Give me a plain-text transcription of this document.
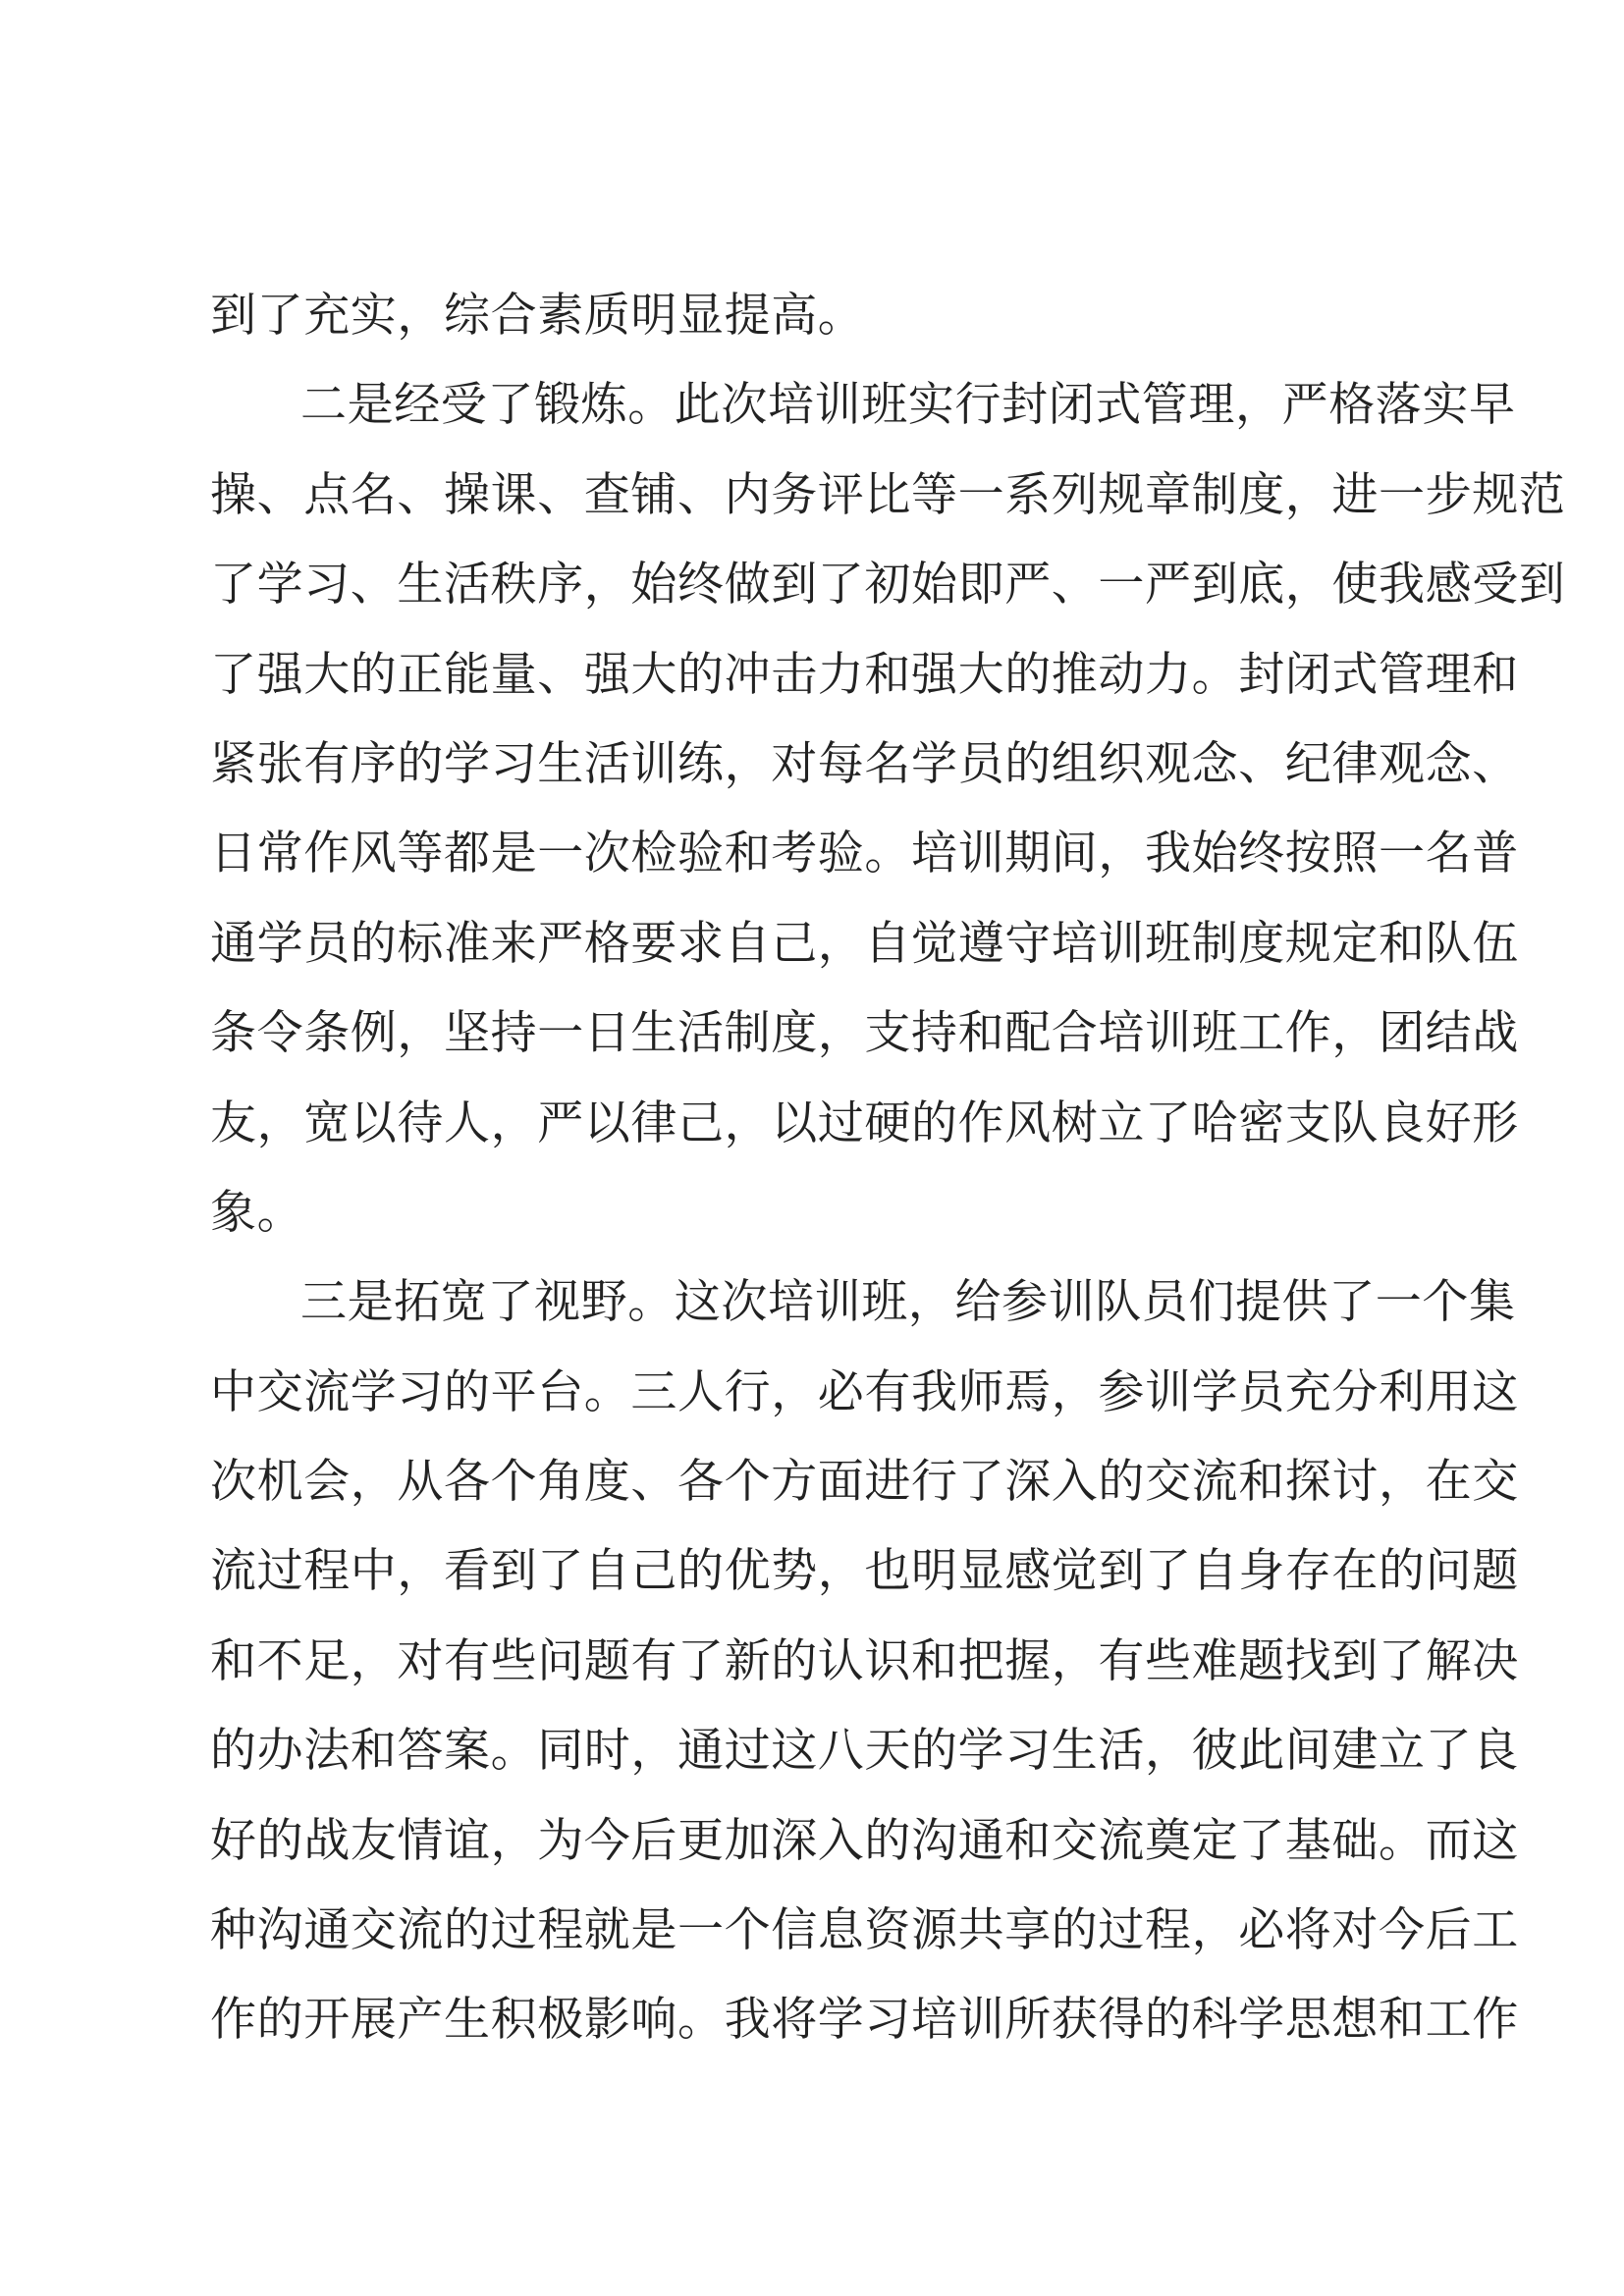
到了充实，综合素质明显提高。
二是经受了锻炼。此次培训班实行封闭式管理，严格落实早
操、点名、操课、查铺、内务评比等一系列规章制度，进一步规范
了学习、生活秩序，始终做到了初始即严、一严到底，使我感受到
了强大的正能量、强大的冲击力和强大的推动力。封闭式管理和
紧张有序的学习生活训练，对每名学员的组织观念、纪律观念、
日常作风等都是一次检验和考验。培训期间，我始终按照一名普
通学员的标准来严格要求自己，自觉遵守培训班制度规定和队伍
条令条例，坚持一日生活制度，支持和配合培训班工作，团结战
友，宽以待人，严以律己，以过硬的作风树立了哈密支队良好形
象。
三是拓宽了视野。这次培训班，给参训队员们提供了一个集
中交流学习的平台。三人行，必有我师焉，参训学员充分利用这
次机会，从各个角度、各个方面进行了深入的交流和探讨，在交
流过程中，看到了自己的优势，也明显感觉到了自身存在的问题
和不足，对有些问题有了新的认识和把握，有些难题找到了解决
的办法和答案。同时，通过这八天的学习生活，彼此间建立了良
好的战友情谊，为今后更加深入的沟通和交流奠定了基础。而这
种沟通交流的过程就是一个信息资源共享的过程，必将对今后工
作的开展产生积极影响。我将学习培训所获得的科学思想和工作
